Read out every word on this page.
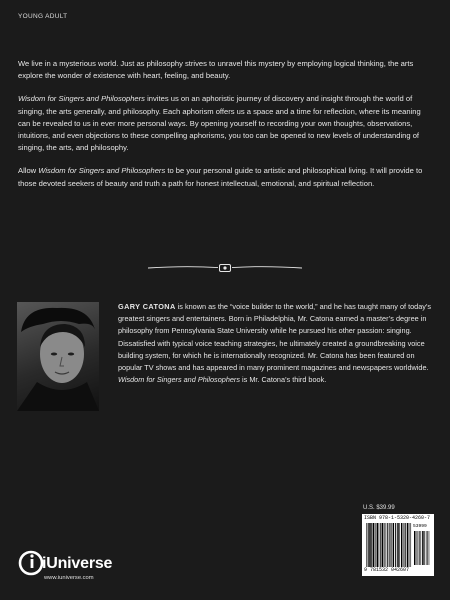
YOUNG ADULT

We live in a mysterious world. Just as philosophy strives to unravel this mystery by employing logical thinking, the arts explore the wonder of existence with heart, feeling, and beauty.

Wisdom for Singers and Philosophers invites us on an aphoristic journey of discovery and insight through the world of singing, the arts generally, and philosophy. Each aphorism offers us a space and a time for reflection, where its meaning can be revealed to us in ever more personal ways. By opening yourself to recording your own thoughts, observations, intuitions, and even objections to these compelling aphorisms, you too can be opened to new levels of understanding of singing, the arts, and philosophy.

Allow Wisdom for Singers and Philosophers to be your personal guide to artistic and philosophical living. It will provide to those devoted seekers of beauty and truth a path for honest intellectual, emotional, and spiritual reflection.

GARY CATONA is known as the “voice builder to the world,” and he has taught many of today’s greatest singers and entertainers. Born in Philadelphia, Mr. Catona earned a master’s degree in philosophy from Pennsylvania State University while he pursued his other passion: singing. Dissatisfied with typical voice teaching strategies, he ultimately created a groundbreaking voice building system, for which he is internationally recognized. Mr. Catona has been featured on popular TV shows and has appeared in many prominent magazines and newspapers worldwide. Wisdom for Singers and Philosophers is Mr. Catona’s third book.
U.S. $39.99
ISBN 978-1-5320-4260-7
53999
9 781532 042607
iUniverse
www.iuniverse.com
